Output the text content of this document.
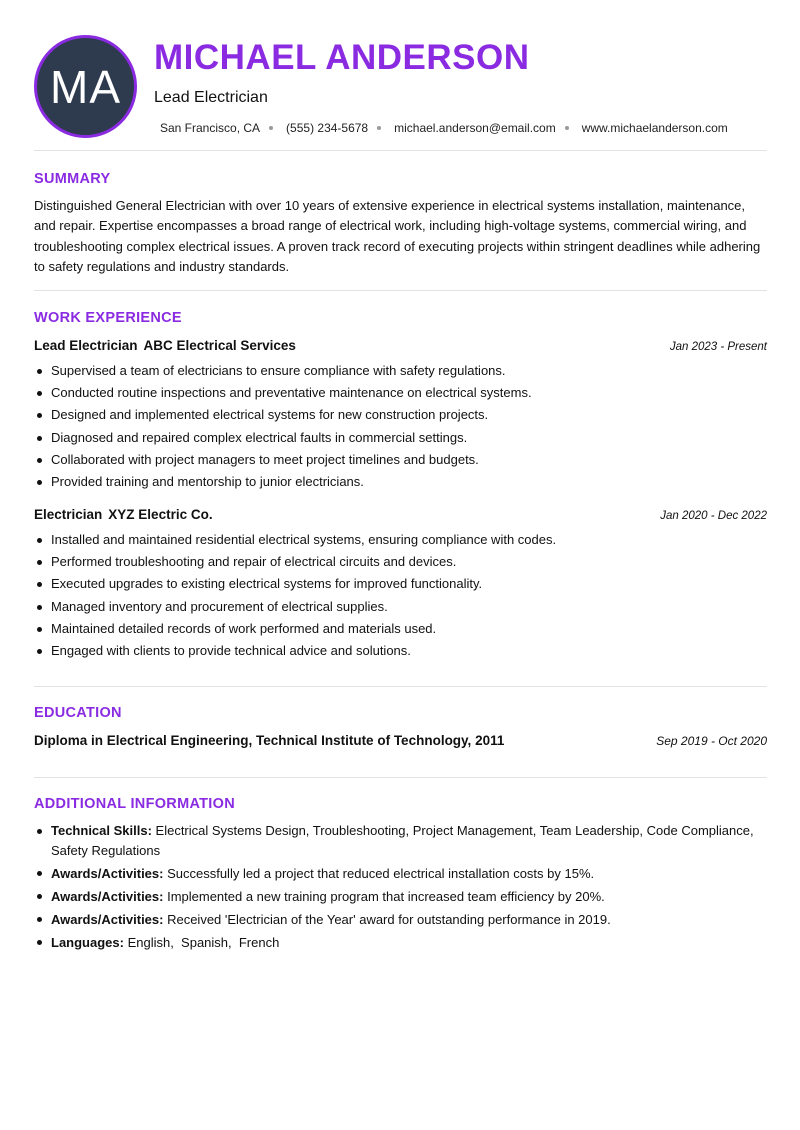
MA
MICHAEL ANDERSON
Lead Electrician
San Francisco, CA (555) 234-5678 michael.anderson@email.com www.michaelanderson.com
SUMMARY
Distinguished General Electrician with over 10 years of extensive experience in electrical systems installation, maintenance, and repair. Expertise encompasses a broad range of electrical work, including high-voltage systems, commercial wiring, and troubleshooting complex electrical issues. A proven track record of executing projects within stringent deadlines while adhering to safety regulations and industry standards.
WORK EXPERIENCE
Lead Electrician ABC Electrical Services	Jan 2023 - Present
Supervised a team of electricians to ensure compliance with safety regulations.
Conducted routine inspections and preventative maintenance on electrical systems.
Designed and implemented electrical systems for new construction projects.
Diagnosed and repaired complex electrical faults in commercial settings.
Collaborated with project managers to meet project timelines and budgets.
Provided training and mentorship to junior electricians.
Electrician XYZ Electric Co.	Jan 2020 - Dec 2022
Installed and maintained residential electrical systems, ensuring compliance with codes.
Performed troubleshooting and repair of electrical circuits and devices.
Executed upgrades to existing electrical systems for improved functionality.
Managed inventory and procurement of electrical supplies.
Maintained detailed records of work performed and materials used.
Engaged with clients to provide technical advice and solutions.
EDUCATION
Diploma in Electrical Engineering, Technical Institute of Technology, 2011	Sep 2019 - Oct 2020
ADDITIONAL INFORMATION
Technical Skills: Electrical Systems Design, Troubleshooting, Project Management, Team Leadership, Code Compliance, Safety Regulations
Awards/Activities: Successfully led a project that reduced electrical installation costs by 15%.
Awards/Activities: Implemented a new training program that increased team efficiency by 20%.
Awards/Activities: Received 'Electrician of the Year' award for outstanding performance in 2019.
Languages: English,  Spanish,  French
